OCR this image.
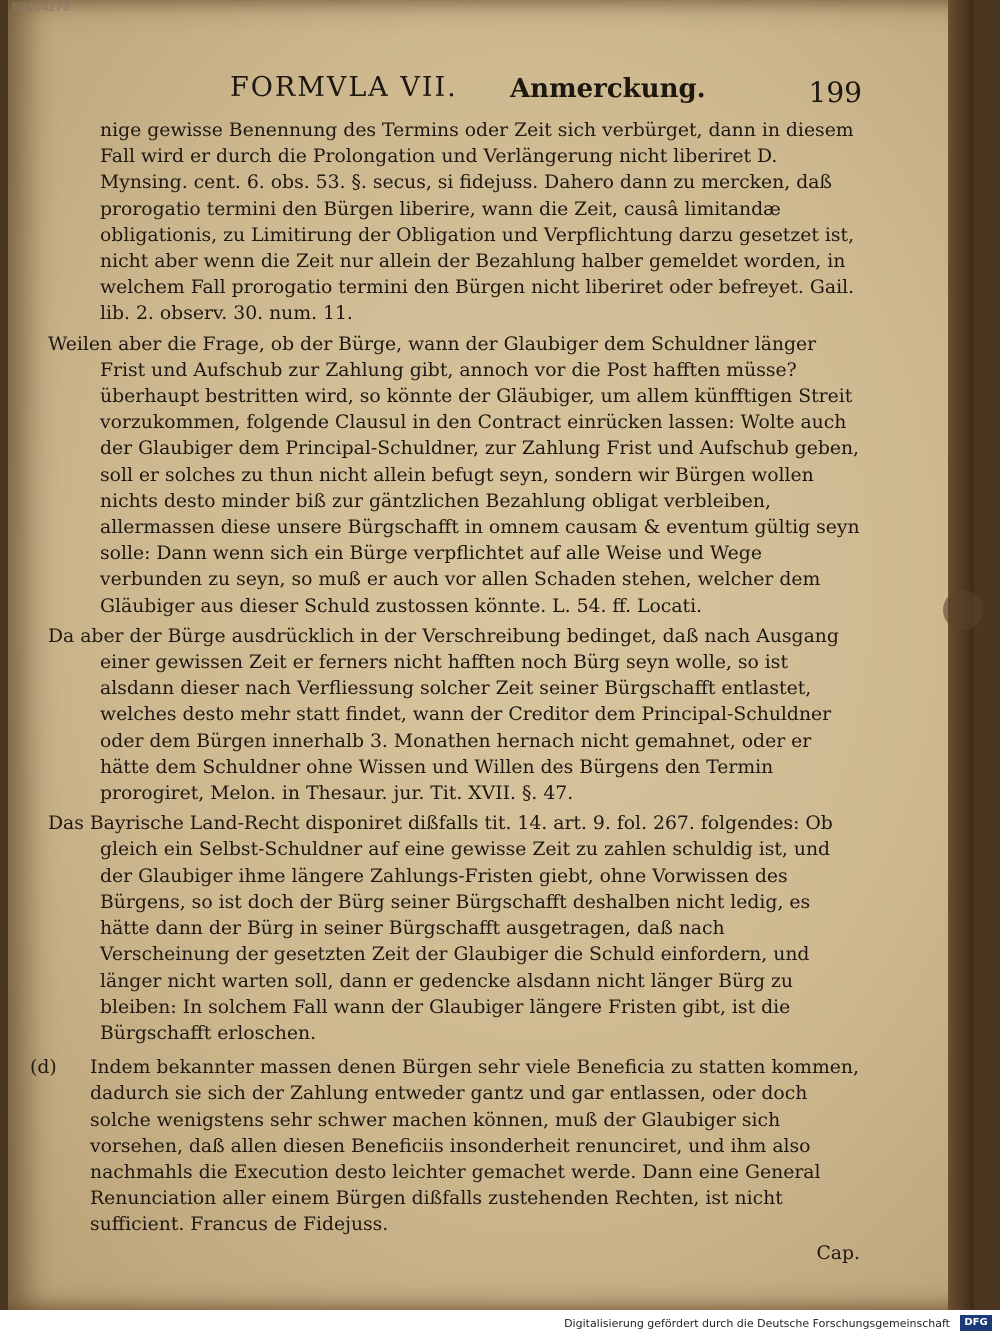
00104270
FORMVLA VII. Anmerckung.	199

nige gewisse Benennung des Termins oder Zeit sich verbürget, dann in diesem Fall wird er durch die Prolongation und Verlängerung nicht liberiret D. Mynsing. cent. 6. obs. 53. §. secus, si fidejuss. Dahero dann zu mercken, daß prorogatio termini den Bürgen liberire, wann die Zeit, causâ limitandæ obligationis, zu Limitirung der Obligation und Verpflichtung darzu gesetzet ist, nicht aber wenn die Zeit nur allein der Bezahlung halber gemeldet worden, in welchem Fall prorogatio termini den Bürgen nicht liberiret oder befreyet. Gail. lib. 2. observ. 30. num. 11.

Weilen aber die Frage, ob der Bürge, wann der Glaubiger dem Schuldner länger Frist und Aufschub zur Zahlung gibt, annoch vor die Post hafften müsse? überhaupt bestritten wird, so könnte der Gläubiger, um allem künfftigen Streit vorzukommen, folgende Clausul in den Contract einrücken lassen: Wolte auch der Glaubiger dem Principal-Schuldner, zur Zahlung Frist und Aufschub geben, soll er solches zu thun nicht allein befugt seyn, sondern wir Bürgen wollen nichts desto minder biß zur gäntzlichen Bezahlung obligat verbleiben, allermassen diese unsere Bürgschafft in omnem causam & eventum gültig seyn solle: Dann wenn sich ein Bürge verpflichtet auf alle Weise und Wege verbunden zu seyn, so muß er auch vor allen Schaden stehen, welcher dem Gläubiger aus dieser Schuld zustossen könnte. L. 54. ff. Locati.

Da aber der Bürge ausdrücklich in der Verschreibung bedinget, daß nach Ausgang einer gewissen Zeit er ferners nicht hafften noch Bürg seyn wolle, so ist alsdann dieser nach Verfliessung solcher Zeit seiner Bürgschafft entlastet, welches desto mehr statt findet, wann der Creditor dem Principal-Schuldner oder dem Bürgen innerhalb 3. Monathen hernach nicht gemahnet, oder er hätte dem Schuldner ohne Wissen und Willen des Bürgens den Termin prorogiret, Melon. in Thesaur. jur. Tit. XVII. §. 47.

Das Bayrische Land-Recht disponiret dißfalls tit. 14. art. 9. fol. 267. folgendes: Ob gleich ein Selbst-Schuldner auf eine gewisse Zeit zu zahlen schuldig ist, und der Glaubiger ihme längere Zahlungs-Fristen giebt, ohne Vorwissen des Bürgens, so ist doch der Bürg seiner Bürgschafft deshalben nicht ledig, es hätte dann der Bürg in seiner Bürgschafft ausgetragen, daß nach Verscheinung der gesetzten Zeit der Glaubiger die Schuld einfordern, und länger nicht warten soll, dann er gedencke alsdann nicht länger Bürg zu bleiben: In solchem Fall wann der Glaubiger längere Fristen gibt, ist die Bürgschafft erloschen.

(d) Indem bekannter massen denen Bürgen sehr viele Beneficia zu statten kommen, dadurch sie sich der Zahlung entweder gantz und gar entlassen, oder doch solche wenigstens sehr schwer machen können, muß der Glaubiger sich vorsehen, daß allen diesen Beneficiis insonderheit renunciret, und ihm also nachmahls die Execution desto leichter gemachet werde. Dann eine General Renunciation aller einem Bürgen dißfalls zustehenden Rechten, ist nicht sufficient. Francus de Fidejuss.

Cap.

Digitalisierung gefördert durch die Deutsche Forschungsgemeinschaft	DFG
